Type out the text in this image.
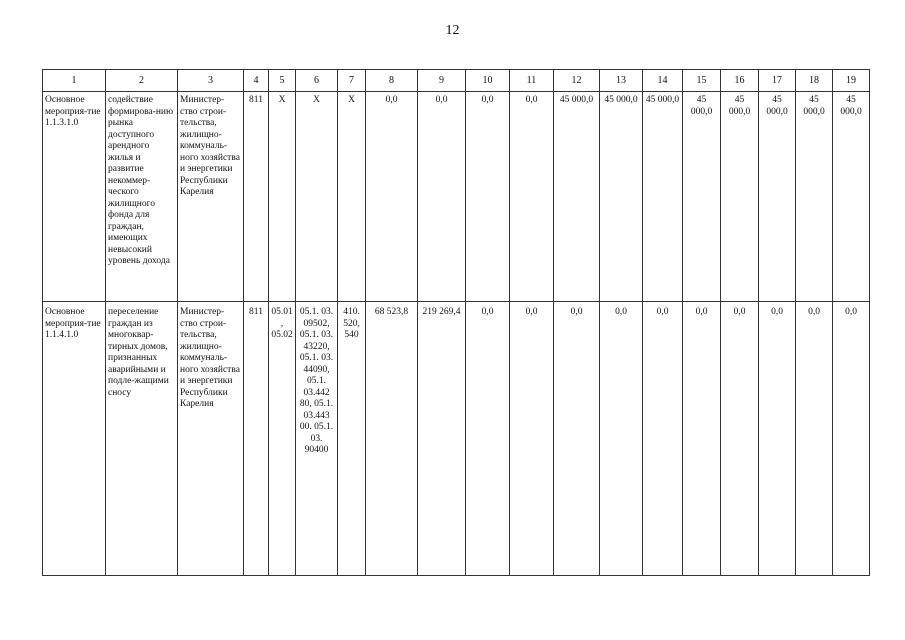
12
1	2	3	4	5	6	7	8	9	10	11	12	13	14	15	16	17	18	19
Основное мероприя-тие 1.1.3.1.0	содействие формирова-нию рынка доступного арендного жилья и развитие некоммер-ческого жилищного фонда для граждан, имеющих невысокий уровень дохода	Министер-ство строи-тельства, жилищно-коммуналь-ного хозяйства и энергетики Республики Карелия	811	Х	Х	Х	0,0	0,0	0,0	0,0	45 000,0	45 000,0	45 000,0	45 000,0	45 000,0	45 000,0	45 000,0	45 000,0
Основное мероприя-тие 1.1.4.1.0	переселение граждан из многоквар-тирных домов, признанных аварийными и подле-жащими сносу	Министер-ство строи-тельства, жилищно-коммуналь-ного хозяйства и энергетики Республики Карелия	811	05.01, 05.02	05.1. 03. 09502, 05.1. 03. 43220, 05.1. 03. 44090, 05.1. 03.442 80, 05.1. 03.443 00. 05.1. 03. 90400	410. 520, 540	68 523,8	219 269,4	0,0	0,0	0,0	0,0	0,0	0,0	0,0	0,0	0,0	0,0
